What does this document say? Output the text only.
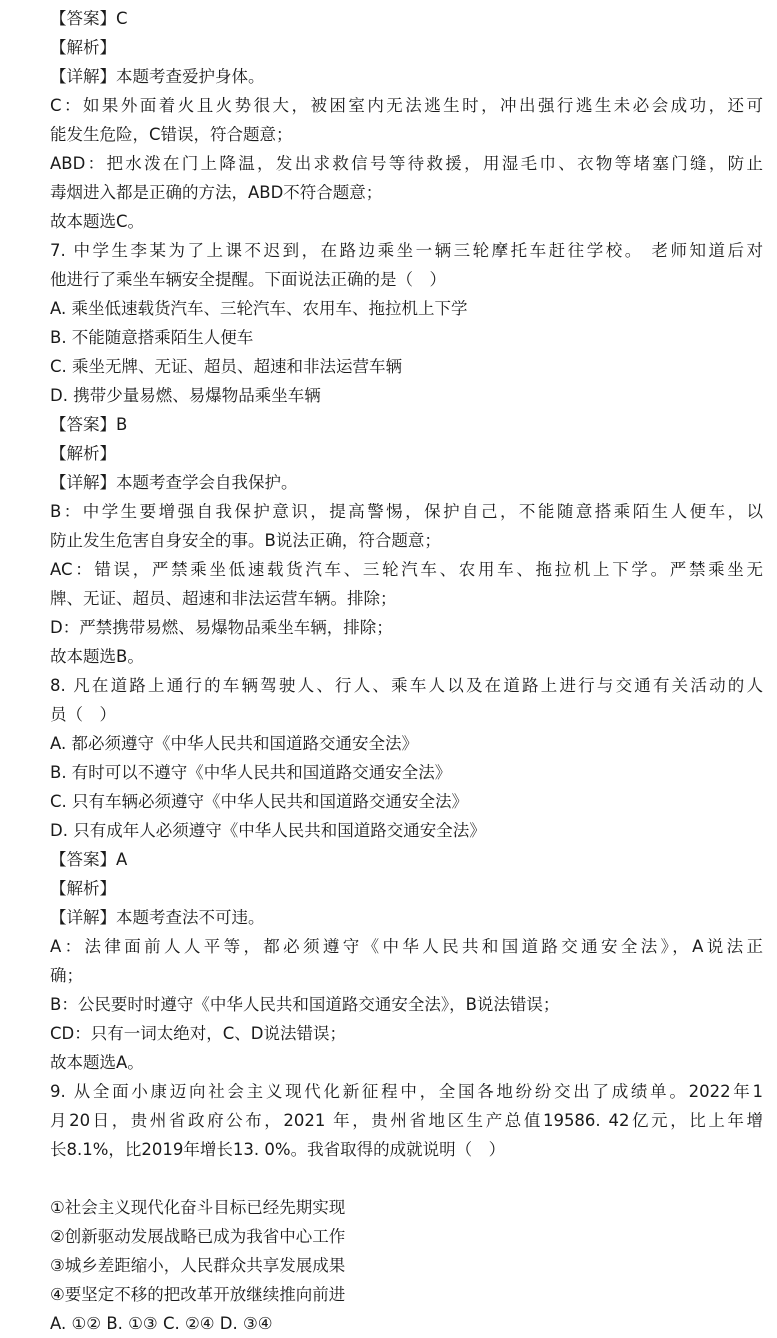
【答案】C
【解析】
【详解】本题考查爱护身体。
C：如果外面着火且火势很大，被困室内无法逃生时，冲出强行逃生未必会成功，还可
能发生危险，C错误，符合题意；
ABD：把水泼在门上降温，发出求救信号等待救援，用湿毛巾、衣物等堵塞门缝，防止
毒烟进入都是正确的方法，ABD不符合题意；
故本题选C。
7. 中学生李某为了上课不迟到，在路边乘坐一辆三轮摩托车赶往学校。 老师知道后对
他进行了乘坐车辆安全提醒。下面说法正确的是（　）
A. 乘坐低速载货汽车、三轮汽车、农用车、拖拉机上下学
B. 不能随意搭乘陌生人便车
C. 乘坐无牌、无证、超员、超速和非法运营车辆
D. 携带少量易燃、易爆物品乘坐车辆
【答案】B
【解析】
【详解】本题考查学会自我保护。
B：中学生要增强自我保护意识，提高警惕，保护自己，不能随意搭乘陌生人便车，以
防止发生危害自身安全的事。B说法正确，符合题意；
AC：错误，严禁乘坐低速载货汽车、三轮汽车、农用车、拖拉机上下学。严禁乘坐无
牌、无证、超员、超速和非法运营车辆。排除；
D：严禁携带易燃、易爆物品乘坐车辆，排除；
故本题选B。
8. 凡在道路上通行的车辆驾驶人、行人、乘车人以及在道路上进行与交通有关活动的人
员（　）
A. 都必须遵守《中华人民共和国道路交通安全法》
B. 有时可以不遵守《中华人民共和国道路交通安全法》
C. 只有车辆必须遵守《中华人民共和国道路交通安全法》
D. 只有成年人必须遵守《中华人民共和国道路交通安全法》
【答案】A
【解析】
【详解】本题考查法不可违。
A：法律面前人人平等，都必须遵守《中华人民共和国道路交通安全法》，A说法正
确；
B：公民要时时遵守《中华人民共和国道路交通安全法》，B说法错误；
CD：只有一词太绝对，C、D说法错误；
故本题选A。
9. 从全面小康迈向社会主义现代化新征程中，全国各地纷纷交出了成绩单。2022年1
月20日，贵州省政府公布，2021 年，贵州省地区生产总值19586. 42亿元，比上年增
长8.1%，比2019年增长13. 0%。我省取得的成就说明（　）
①社会主义现代化奋斗目标已经先期实现
②创新驱动发展战略已成为我省中心工作
③城乡差距缩小，人民群众共享发展成果
④要坚定不移的把改革开放继续推向前进
A. ①② B. ①③ C. ②④ D. ③④
